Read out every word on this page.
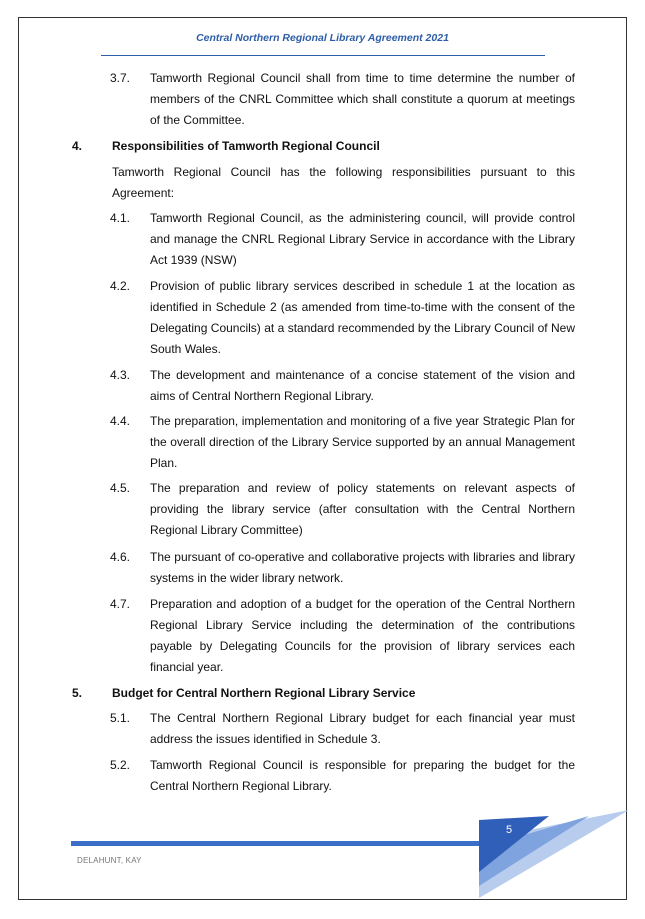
Central Northern Regional Library Agreement 2021
3.7.	Tamworth Regional Council shall from time to time determine the number of members of the CNRL Committee which shall constitute a quorum at meetings of the Committee.
4. Responsibilities of Tamworth Regional Council
Tamworth Regional Council has the following responsibilities pursuant to this Agreement:
4.1.	Tamworth Regional Council, as the administering council, will provide control and manage the CNRL Regional Library Service in accordance with the Library Act 1939 (NSW)
4.2.	Provision of public library services described in schedule 1 at the location as identified in Schedule 2 (as amended from time-to-time with the consent of the Delegating Councils) at a standard recommended by the Library Council of New South Wales.
4.3.	The development and maintenance of a concise statement of the vision and aims of Central Northern Regional Library.
4.4.	The preparation, implementation and monitoring of a five year Strategic Plan for the overall direction of the Library Service supported by an annual Management Plan.
4.5.	The preparation and review of policy statements on relevant aspects of providing the library service (after consultation with the Central Northern Regional Library Committee)
4.6.	The pursuant of co-operative and collaborative projects with libraries and library systems in the wider library network.
4.7.	Preparation and adoption of a budget for the operation of the Central Northern Regional Library Service including the determination of the contributions payable by Delegating Councils for the provision of library services each financial year.
5. Budget for Central Northern Regional Library Service
5.1.	The Central Northern Regional Library budget for each financial year must address the issues identified in Schedule 3.
5.2.	Tamworth Regional Council is responsible for preparing the budget for the Central Northern Regional Library.
5
DELAHUNT, KAY
